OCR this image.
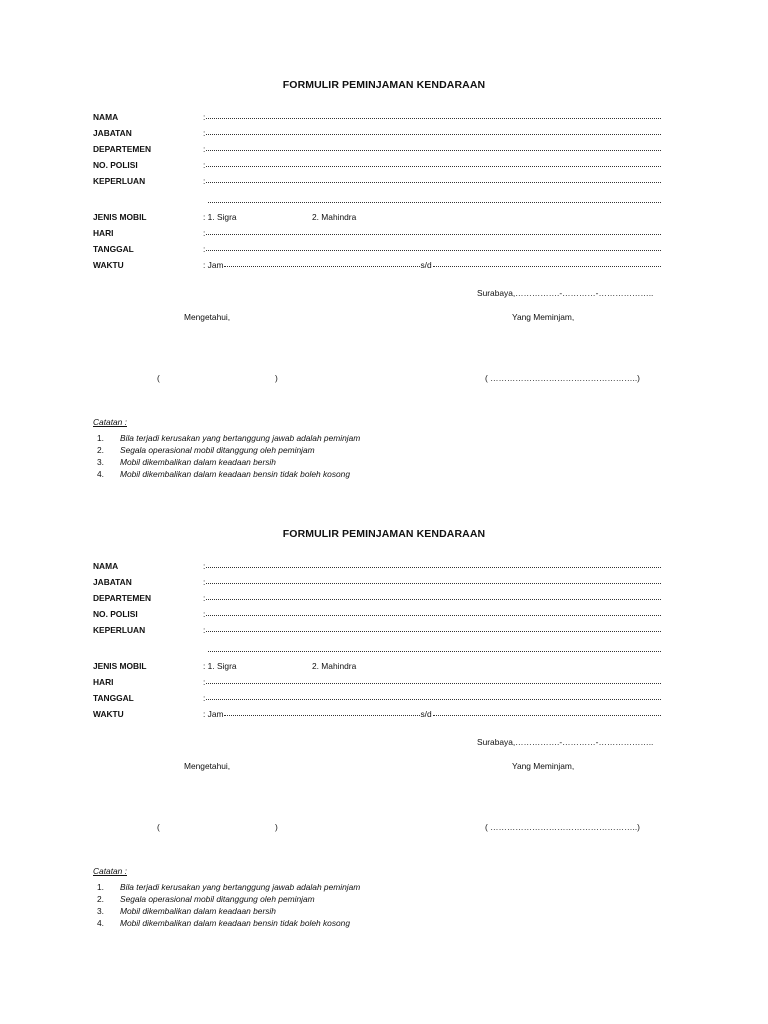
FORMULIR PEMINJAMAN KENDARAAN
NAMA	:
JABATAN	:
DEPARTEMEN	:
NO. POLISI	:
KEPERLUAN	:
JENIS MOBIL	: 1. Sigra	2. Mahindra
HARI	:
TANGGAL	:
WAKTU	: Jam	s/d
Surabaya,…………….-…………-………………..
Mengetahui,	Yang Meminjam,
(	)	( ……………………………………………..)
Catatan :
1. Bila terjadi kerusakan yang bertanggung jawab adalah peminjam
2. Segala operasional mobil ditanggung oleh peminjam
3. Mobil dikembalikan dalam keadaan bersih
4. Mobil dikembalikan dalam keadaan bensin tidak boleh kosong
FORMULIR PEMINJAMAN KENDARAAN
NAMA	:
JABATAN	:
DEPARTEMEN	:
NO. POLISI	:
KEPERLUAN	:
JENIS MOBIL	: 1. Sigra	2. Mahindra
HARI	:
TANGGAL	:
WAKTU	: Jam	s/d
Surabaya,…………….-…………-………………..
Mengetahui,	Yang Meminjam,
(	)	( ……………………………………………..)
Catatan :
1. Bila terjadi kerusakan yang bertanggung jawab adalah peminjam
2. Segala operasional mobil ditanggung oleh peminjam
3. Mobil dikembalikan dalam keadaan bersih
4. Mobil dikembalikan dalam keadaan bensin tidak boleh kosong
